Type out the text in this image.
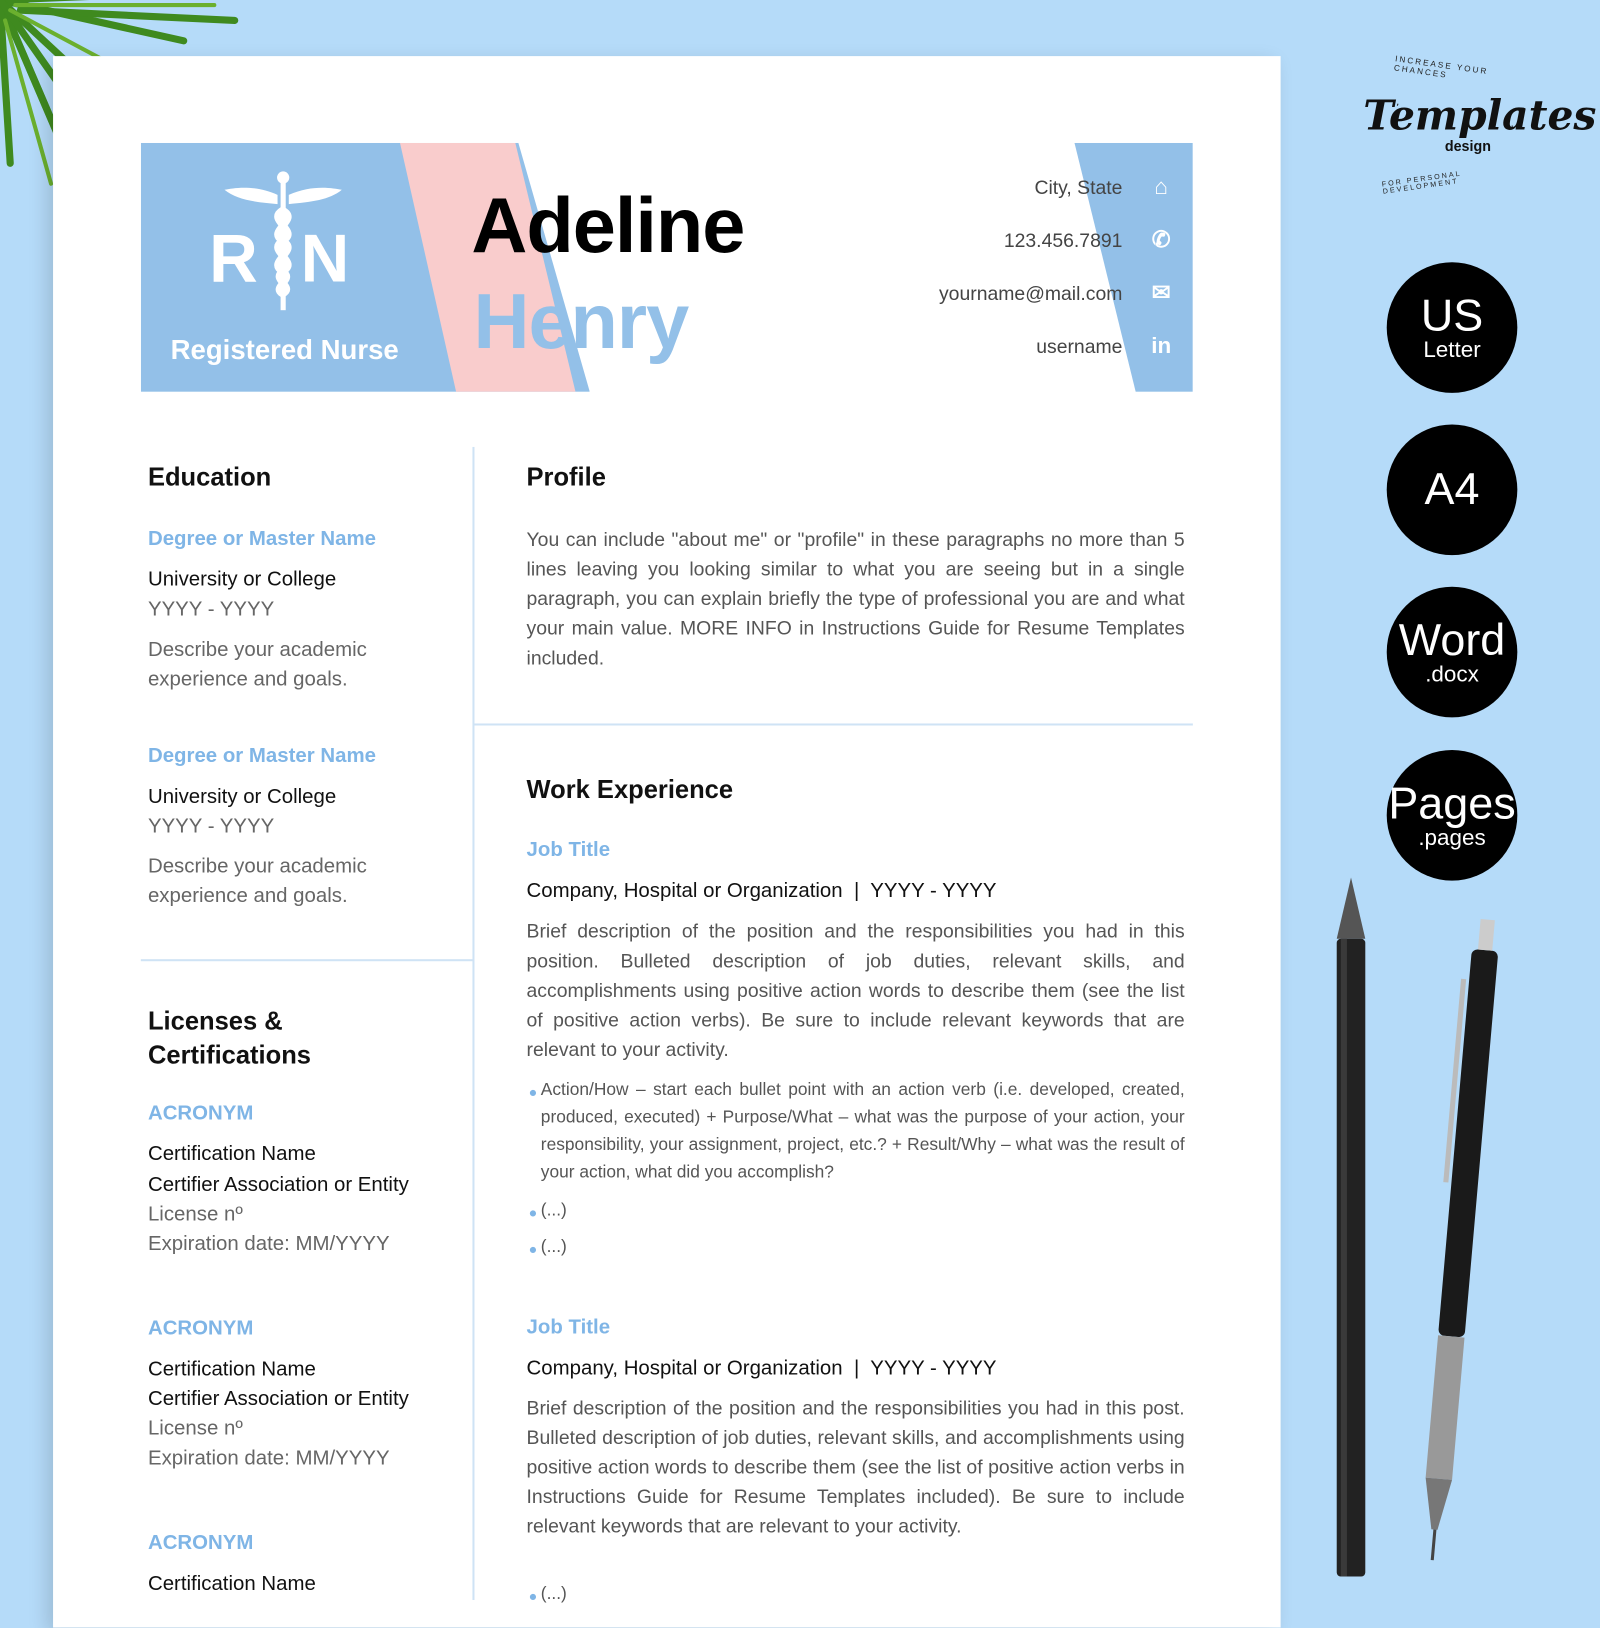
R N
Registered Nurse
Adeline
Henry
City, State
123.456.7891
yourname@mail.com
username
⌂
✆
✉
in
Education
Degree or Master Name
University or College
YYYY - YYYY
Describe your academic
experience and goals.
Degree or Master Name
University or College
YYYY - YYYY
Describe your academic
experience and goals.
Licenses &
Certifications
ACRONYM
Certification Name
Certifier Association or Entity
License nº
Expiration date: MM/YYYY
ACRONYM
Certification Name
Certifier Association or Entity
License nº
Expiration date: MM/YYYY
ACRONYM
Certification Name
Profile
You can include "about me" or "profile" in these paragraphs no more than 5 lines leaving you looking similar to what you are seeing but in a single paragraph, you can explain briefly the type of professional you are and what your main value. MORE INFO in Instructions Guide for Resume Templates included.
Work Experience
Job Title
Company, Hospital or Organization  |  YYYY - YYYY
Brief description of the position and the responsibilities you had in this position. Bulleted description of job duties, relevant skills, and accomplishments using positive action words to describe them (see the list of positive action verbs). Be sure to include relevant keywords that are relevant to your activity.
● Action/How – start each bullet point with an action verb (i.e. developed, created, produced, executed) + Purpose/What – what was the purpose of your action, your responsibility, your assignment, project, etc.? + Result/Why – what was the result of your action, what did you accomplish?
● (...)
● (...)
Job Title
Company, Hospital or Organization  |  YYYY - YYYY
Brief description of the position and the responsibilities you had in this post. Bulleted description of job duties, relevant skills, and accomplishments using positive action words to describe them (see the list of positive action verbs in Instructions Guide for Resume Templates included). Be sure to include relevant keywords that are relevant to your activity.
● (...)
Templates
design
INCREASE YOUR CHANCES
FOR PERSONAL DEVELOPMENT
US
Letter
A4
Word
.docx
Pages
.pages
